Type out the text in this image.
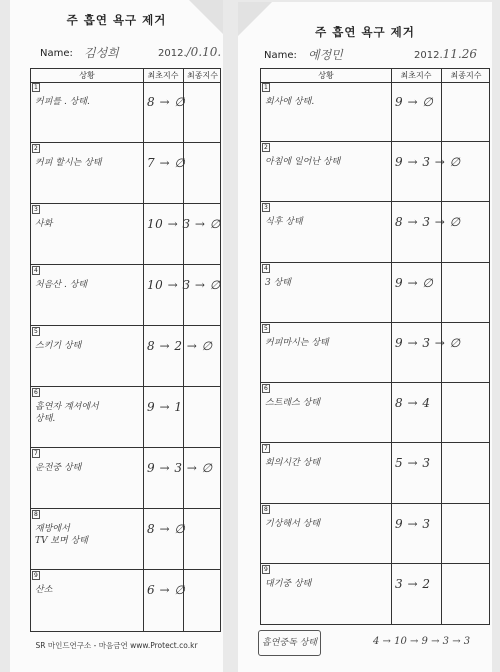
주 흡연 욕구 제거
Name: 김성희	2012./0.10.
상황	최초지수	최종지수
1
커피를 . 상태.	8 → ∅
2
커피 할시는 상태	7 → ∅
3
사화	10 → 3 → ∅
4
처음산 . 상태	10 → 3 → ∅
5
스키기 상태	8 → 2 → ∅
6
흡연자 계셔에서
상태.
9 → 1
7
운전중 상태	9 → 3 → ∅
8
재방에서
TV 보며 상태
8 → ∅
9
산소	6 → ∅
SR 마인드연구소 - 마음금연 www.Protect.co.kr
주 흡연 욕구 제거
Name: 예정민	2012.11.26
상황	최초지수	최종지수
1
회사에 상태.	9 → ∅
2
아침에 일어난 상태	9 → 3 → ∅
3
식후 상태	8 → 3 → ∅
4
3 상태	9 → ∅
5
커피마시는 상태	9 → 3 → ∅
6
스트레스 상태	8 → 4
7
회의시간 상태	5 → 3
8
기상해서 상태	9 → 3
9
대기중 상태	3 → 2
흡연중독 상태	4 → 10 → 9 → 3 → 3
